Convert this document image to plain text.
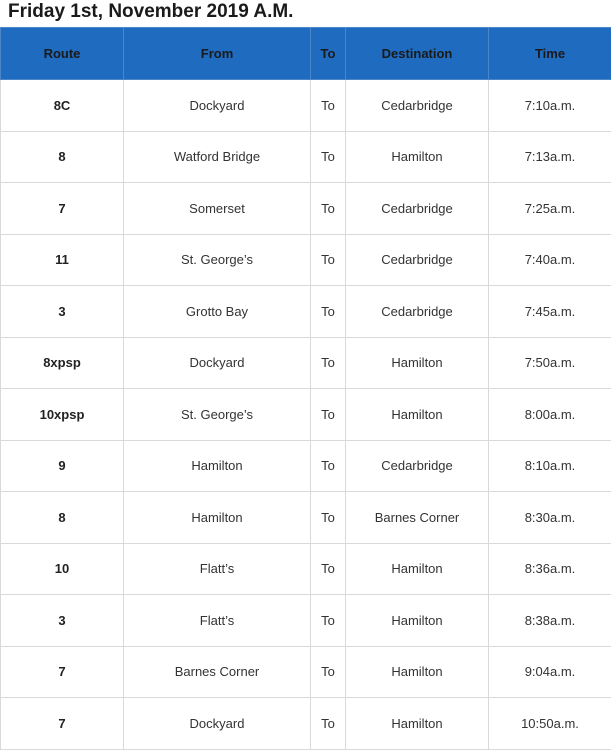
Friday 1st, November 2019 A.M.
Route	From	To	Destination	Time
8C	Dockyard	To	Cedarbridge	7:10a.m.
8	Watford Bridge	To	Hamilton	7:13a.m.
7	Somerset	To	Cedarbridge	7:25a.m.
11	St. George’s	To	Cedarbridge	7:40a.m.
3	Grotto Bay	To	Cedarbridge	7:45a.m.
8xpsp	Dockyard	To	Hamilton	7:50a.m.
10xpsp	St. George’s	To	Hamilton	8:00a.m.
9	Hamilton	To	Cedarbridge	8:10a.m.
8	Hamilton	To	Barnes Corner	8:30a.m.
10	Flatt’s	To	Hamilton	8:36a.m.
3	Flatt’s	To	Hamilton	8:38a.m.
7	Barnes Corner	To	Hamilton	9:04a.m.
7	Dockyard	To	Hamilton	10:50a.m.
